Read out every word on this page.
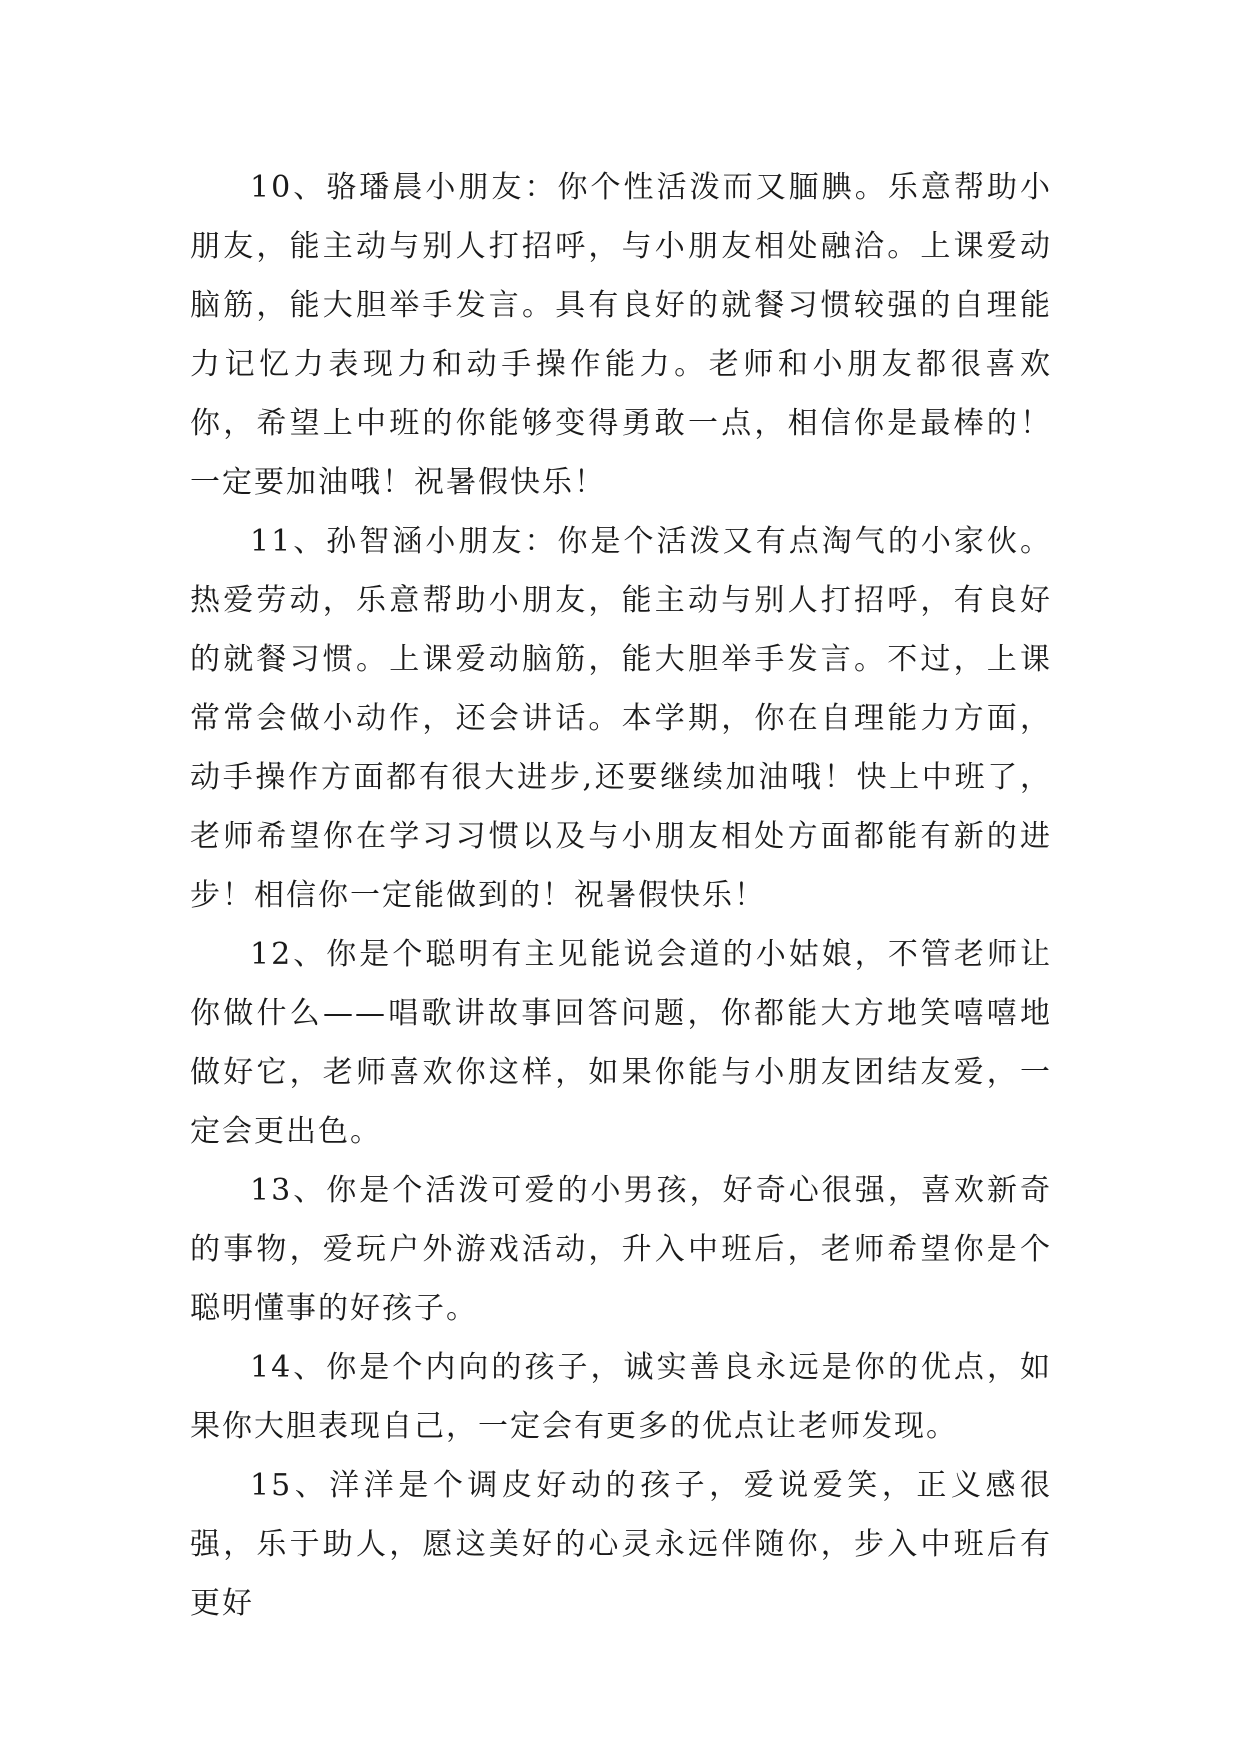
10、骆璠晨小朋友：你个性活泼而又腼腆。乐意帮助小朋友，能主动与别人打招呼，与小朋友相处融洽。上课爱动脑筋，能大胆举手发言。具有良好的就餐习惯较强的自理能力记忆力表现力和动手操作能力。老师和小朋友都很喜欢你，希望上中班的你能够变得勇敢一点，相信你是最棒的！一定要加油哦！祝暑假快乐！

11、孙智涵小朋友：你是个活泼又有点淘气的小家伙。热爱劳动，乐意帮助小朋友，能主动与别人打招呼，有良好的就餐习惯。上课爱动脑筋，能大胆举手发言。不过，上课常常会做小动作，还会讲话。本学期，你在自理能力方面，动手操作方面都有很大进步,还要继续加油哦！快上中班了，老师希望你在学习习惯以及与小朋友相处方面都能有新的进步！相信你一定能做到的！祝暑假快乐！

12、你是个聪明有主见能说会道的小姑娘，不管老师让你做什么——唱歌讲故事回答问题，你都能大方地笑嘻嘻地做好它，老师喜欢你这样，如果你能与小朋友团结友爱，一定会更出色。

13、你是个活泼可爱的小男孩，好奇心很强，喜欢新奇的事物，爱玩户外游戏活动，升入中班后，老师希望你是个聪明懂事的好孩子。

14、你是个内向的孩子，诚实善良永远是你的优点，如果你大胆表现自己，一定会有更多的优点让老师发现。

15、洋洋是个调皮好动的孩子，爱说爱笑，正义感很强，乐于助人，愿这美好的心灵永远伴随你，步入中班后有更好
